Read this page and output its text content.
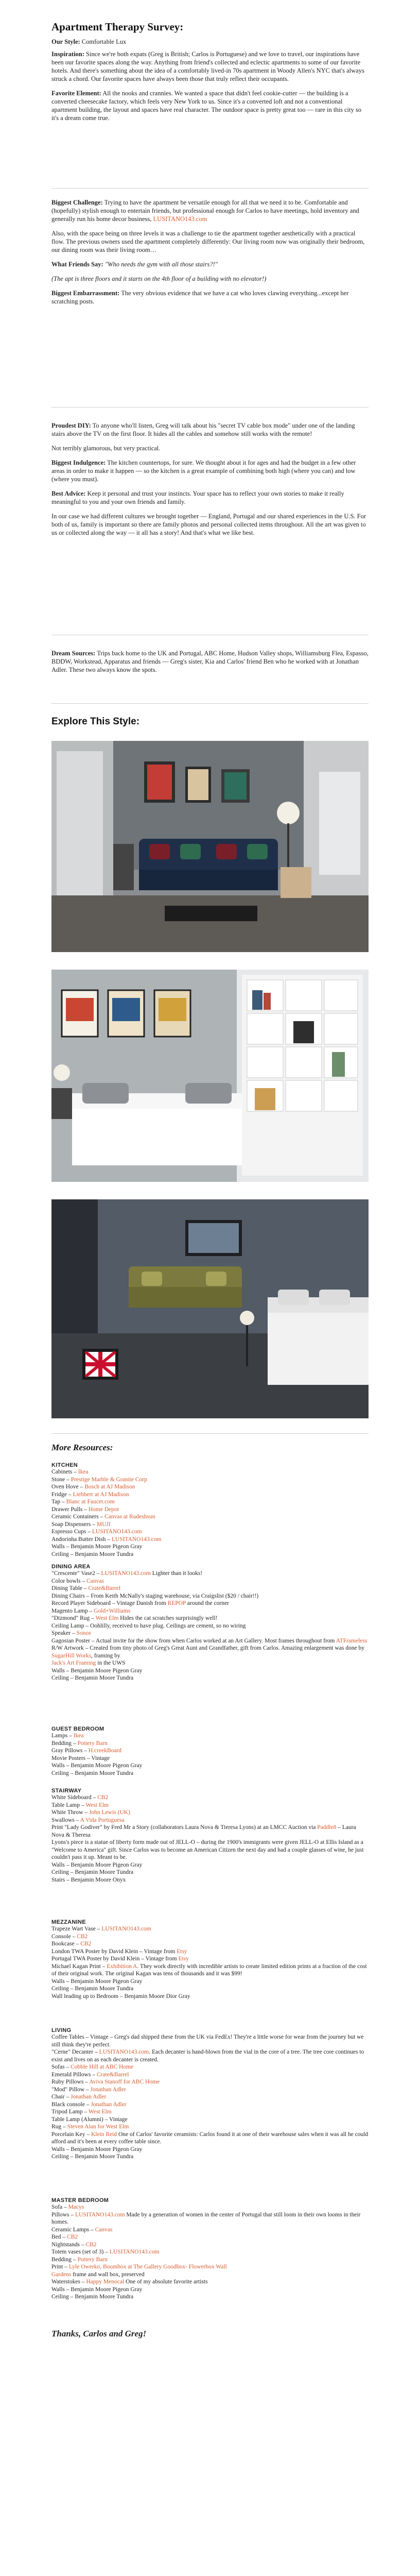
Apartment Therapy Survey:

Our Style: Comfortable Lux

Inspiration: Since we're both expats (Greg is British; Carlos is Portuguese) and we love to travel, our inspirations have been our favorite spaces along the way. Anything from friend's collected and eclectic apartments to some of our favorite hotels. And there's something about the idea of a comfortably lived-in 70s apartment in Woody Allen's NYC that's always struck a chord. Our favorite spaces have always been those that truly reflect their occupants.

Favorite Element: All the nooks and crannies. We wanted a space that didn't feel cookie-cutter — the building is a converted cheesecake factory, which feels very New York to us. Since it's a converted loft and not a conventional apartment building, the layout and spaces have real character. The outdoor space is pretty great too — rare in this city so it's a dream come true.

Biggest Challenge: Trying to have the apartment be versatile enough for all that we need it to be. Comfortable and (hopefully) stylish enough to entertain friends, but professional enough for Carlos to have meetings, hold inventory and generally run his home decor business, LUSITANO143.com

Also, with the space being on three levels it was a challenge to tie the apartment together aesthetically with a practical flow. The previous owners used the apartment completely differently: Our living room now was originally their bedroom, our dining room was their living room…

What Friends Say: "Who needs the gym with all those stairs?!"

(The apt is three floors and it starts on the 4th floor of a building with no elevator!)

Biggest Embarrassment: The very obvious evidence that we have a cat who loves clawing everything...except her scratching posts.

Proudest DIY: To anyone who'll listen, Greg will talk about his "secret TV cable box mode" under one of the landing stairs above the TV on the first floor. It hides all the cables and somehow still works with the remote!

Not terribly glamorous, but very practical.

Biggest Indulgence: The kitchen countertops, for sure. We thought about it for ages and had the budget in a few other areas in order to make it happen — so the kitchen is a great example of combining both high (where you can) and low (where you must).

Best Advice: Keep it personal and trust your instincts. Your space has to reflect your own stories to make it really meaningful to you and your own friends and family.

In our case we had different cultures we brought together — England, Portugal and our shared experiences in the U.S. For both of us, family is important so there are family photos and personal collected items throughout. All the art was given to us or collected along the way — it all has a story! And that's what we like best.

Dream Sources: Trips back home to the UK and Portugal, ABC Home, Hudson Valley shops, Williamsburg Flea, Espasso, BDDW, Workstead, Apparatus and friends — Greg's sister, Kia and Carlos' friend Ben who he worked with at Jonathan Adler. These two always know the spots.

Explore This Style:
More Resources:

KITCHEN

Cabinets – Ikea

Stone – Prestige Marble & Granite Corp

Oven Hove – Bosch at AJ Madison

Fridge – Liebherr at AJ Madison

Tap – Blanc at Faucet.com

Drawer Pulls – Home Depot

Ceramic Containers – Canvas at Rudeshsun

Soap Dispensers – MUJI

Espresso Cups – LUSITANO143.com

Andorinha Butter Dish – LUSITANO143.com

Walls – Benjamin Moore Pigeon Gray

Ceiling – Benjamin Moore Tundra

DINING AREA

"Crescente" Vase2 – LUSITANO143.com Lighter than it looks!

Color bowls – Canvas

Dining Table – Crate&Barrel

Dining Chairs – From Keith McNally's staging warehouse, via Craigslist ($20 / chair!!)

Record Player Sideboard – Vintage Danish from REPOP around the corner

Magento Lamp – Gold+Williams

"Dizmond" Rug – West Elm Hides the cat scratches surprisingly well!

Ceiling Lamp – Oohlilly, received to have plug. Ceilings are cement, so no wiring

Speaker – Sonos

Gagosian Poster – Actual invite for the show from when Carlos worked at an Art Gallery. Most frames throughout from ATFrameless

R/W Artwork – Created from tiny photo of Greg's Great Aunt and Grandfather, gift from Carlos. Amazing enlargement was done by SugarHill Works, framing by

Jack's Art Framing in the UWS

Walls – Benjamin Moore Pigeon Gray

Ceiling – Benjamin Moore Tundra

GUEST BEDROOM

Lamps – Ikea

Bedding – Pottery Barn

Gray Pillows – H.creekBoard

Movie Posters – Vintage

Walls – Benjamin Moore Pigeon Gray

Ceiling – Benjamin Moore Tundra

STAIRWAY

White Sideboard – CB2

Table Lamp – West Elm

White Throw – John Lewis (UK)

Swallows – A Vida Portuguesa

Print "Lady Godiver" by Fred Mr a Story (collaborators Laura Nova & Tieresa Lyons) at an LMCC Auction via Paddle8 – Laura Nova & Theresa

Lyons's piece is a statue of liberty form made out of JELL-O – during the 1900's immigrants were given JELL-O at Ellis Island as a "Welcome to America" gift. Since Carlos was to become an American Citizen the next day and had a couple glasses of wine, he just couldn't pass it up. Meant to be.

Walls – Benjamin Moore Pigeon Gray

Ceiling – Benjamin Moore Tundra

Stairs – Benjamin Moore Onyx

MEZZANINE

Trapeze Wart Vase – LUSITANO143.com

Console – CB2

Bookcase – CB2

London TWA Poster by David Klein – Vintage from Etsy

Portugal TWA Poster by David Klein – Vintage from Etsy

Michael Kagan Print – Exhibition A. They work directly with incredible artists to create limited edition prints at a fraction of the cost of their original work. The original Kagan was tens of thousands and it was $99!

Walls – Benjamin Moore Pigeon Gray

Ceiling – Benjamin Moore Tundra

Wall leading up to Bedroom – Benjamin Moore Dior Gray

LIVING

Coffee Tables – Vintage – Greg's dad shipped these from the UK via FedEx! They're a little worse for wear from the journey but we still think they're perfect.

"Cerne" Decanter – LUSITANO143.com. Each decanter is hand-blown from the vial in the core of a tree. The tree core continues to exist and lives on as each decanter is created.

Sofas – Cobble Hill at ABC Home

Emerald Pillows – Crate&Barrel

Ruby Pillows – Aviva Stanoff for ABC Home

"Mod" Pillow – Jonathan Adler

Chair – Jonathan Adler

Black console – Jonathan Adler

Tripod Lamp – West Elm

Table Lamp (Alumni) – Vintage

Rug – Steven Alan for West Elm

Porcelain Key – Klein Reid One of Carlos' favorite ceramists: Carlos found it at one of their warehouse sales when it was all he could afford and it's been at every coffee table since.

Walls – Benjamin Moore Pigeon Gray

Ceiling – Benjamin Moore Tundra

MASTER BEDROOM

Sofa – Macys

Pillows – LUSITANO143.com Made by a generation of women in the center of Portugal that still loom in their own looms in their homes.

Ceramic Lamps – Canvas

Bed – CB2

Nightstands – CB2

Totem vases (set of 3) – LUSITANO143.com

Bedding – Pottery Barn

Print – Lyle Owerko, Boombox at The Gallery Goodbox- Flowerbox Wall

Gardens frame and wall box, preserved

Waterstokes – Happy Menocal One of my absolute favorite artists

Walls – Benjamin Moore Pigeon Gray

Ceiling – Benjamin Moore Tundra

Thanks, Carlos and Greg!
